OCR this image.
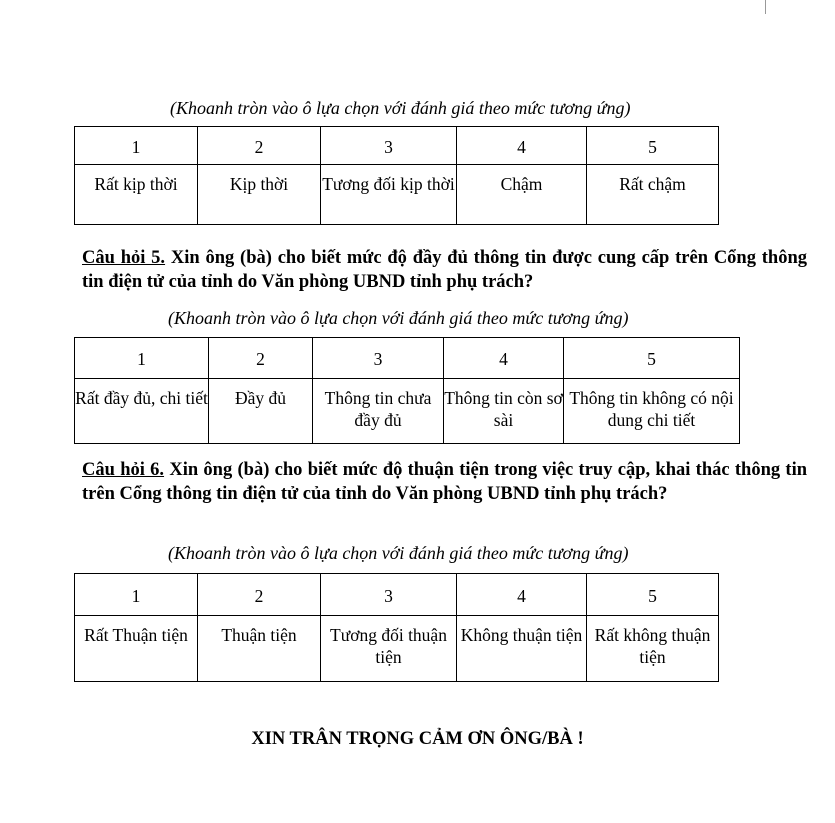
(Khoanh tròn vào ô lựa chọn với đánh giá theo mức tương ứng)
1	2	3	4	5
Rất kịp thời	Kịp thời	Tương đối kịp thời	Chậm	Rất chậm
Câu hỏi 5. Xin ông (bà) cho biết mức độ đầy đủ thông tin được cung cấp trên Cổng thông tin điện tử của tỉnh do Văn phòng UBND tỉnh phụ trách?
(Khoanh tròn vào ô lựa chọn với đánh giá theo mức tương ứng)
1	2	3	4	5
Rất đầy đủ, chi tiết	Đầy đủ	Thông tin chưa đầy đủ	Thông tin còn sơ sài	Thông tin không có nội dung chi tiết
Câu hỏi 6. Xin ông (bà) cho biết mức độ thuận tiện trong việc truy cập, khai thác thông tin trên Cổng thông tin điện tử của tỉnh do Văn phòng UBND tỉnh phụ trách?
(Khoanh tròn vào ô lựa chọn với đánh giá theo mức tương ứng)
1	2	3	4	5
Rất Thuận tiện	Thuận tiện	Tương đối thuận tiện	Không thuận tiện	Rất không thuận tiện
XIN TRÂN TRỌNG CẢM ƠN ÔNG/BÀ !
